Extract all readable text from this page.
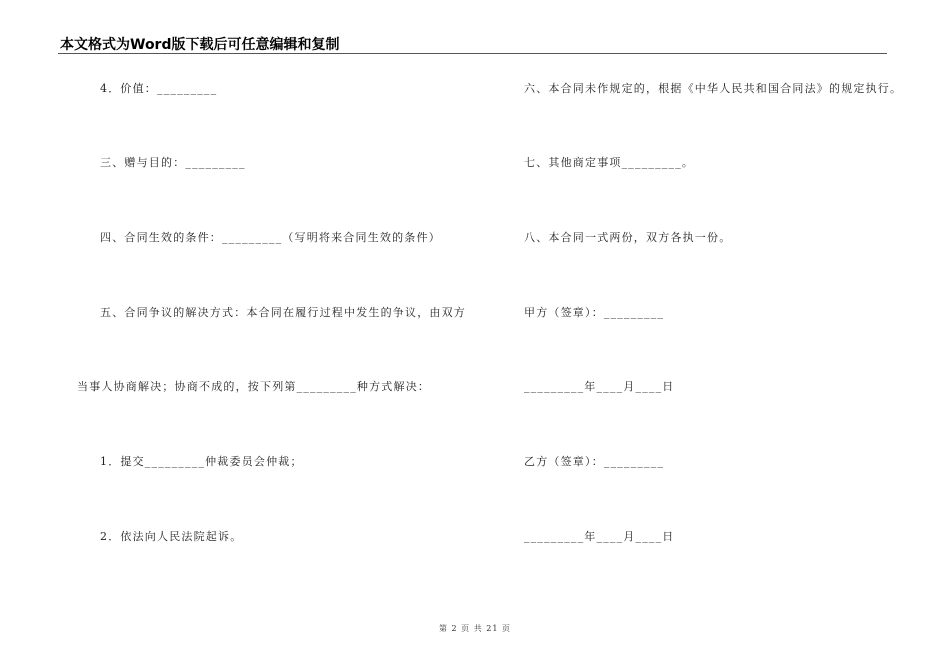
本文格式为Word版下载后可任意编辑和复制
4．价值：_________
三、赠与目的：_________
四、合同生效的条件：_________（写明将来合同生效的条件）
五、合同争议的解决方式：本合同在履行过程中发生的争议，由双方
当事人协商解决；协商不成的，按下列第_________种方式解决：
1．提交_________仲裁委员会仲裁；
2．依法向人民法院起诉。
六、本合同未作规定的，根据《中华人民共和国合同法》的规定执行。
七、其他商定事项_________。
八、本合同一式两份，双方各执一份。
甲方（签章）：_________
_________年____月____日
乙方（签章）：_________
_________年____月____日
第 2 页 共 21 页
